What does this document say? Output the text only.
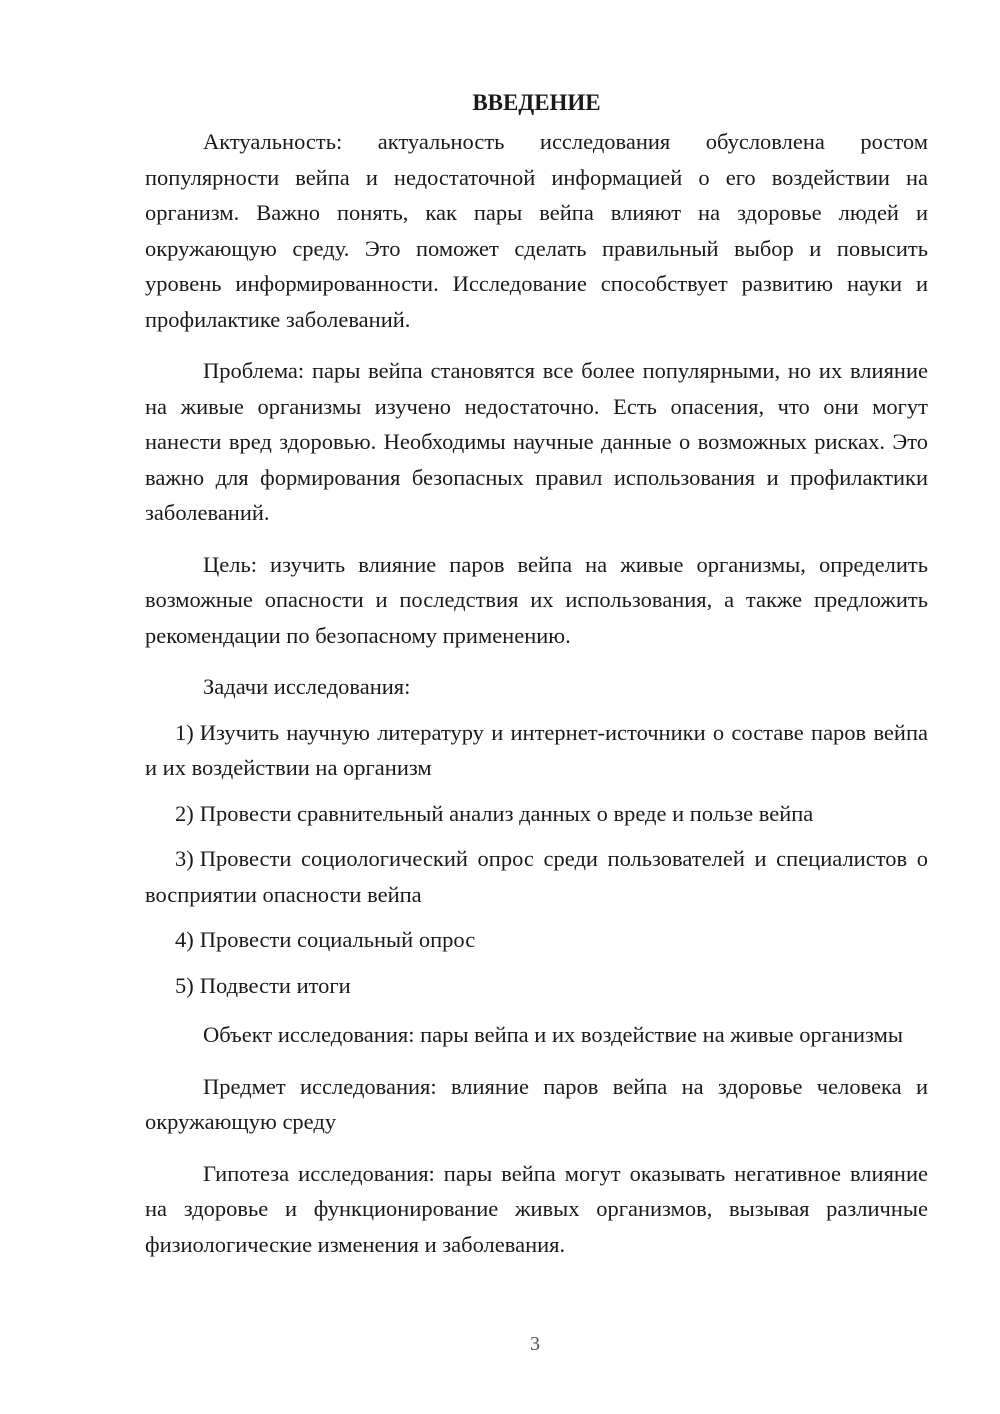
ВВЕДЕНИЕ

Актуальность: актуальность исследования обусловлена ростом популярности вейпа и недостаточной информацией о его воздействии на организм. Важно понять, как пары вейпа влияют на здоровье людей и окружающую среду. Это поможет сделать правильный выбор и повысить уровень информированности. Исследование способствует развитию науки и профилактике заболеваний.

Проблема: пары вейпа становятся все более популярными, но их влияние на живые организмы изучено недостаточно. Есть опасения, что они могут нанести вред здоровью. Необходимы научные данные о возможных рисках. Это важно для формирования безопасных правил использования и профилактики заболеваний.

Цель: изучить влияние паров вейпа на живые организмы, определить возможные опасности и последствия их использования, а также предложить рекомендации по безопасному применению.

Задачи исследования:

1) Изучить научную литературу и интернет-источники о составе паров вейпа и их воздействии на организм

2) Провести сравнительный анализ данных о вреде и пользе вейпа

3) Провести социологический опрос среди пользователей и специалистов о восприятии опасности вейпа

4) Провести социальный опрос

5) Подвести итоги

Объект исследования: пары вейпа и их воздействие на живые организмы

Предмет исследования: влияние паров вейпа на здоровье человека и окружающую среду

Гипотеза исследования: пары вейпа могут оказывать негативное влияние на здоровье и функционирование живых организмов, вызывая различные физиологические изменения и заболевания.

3
